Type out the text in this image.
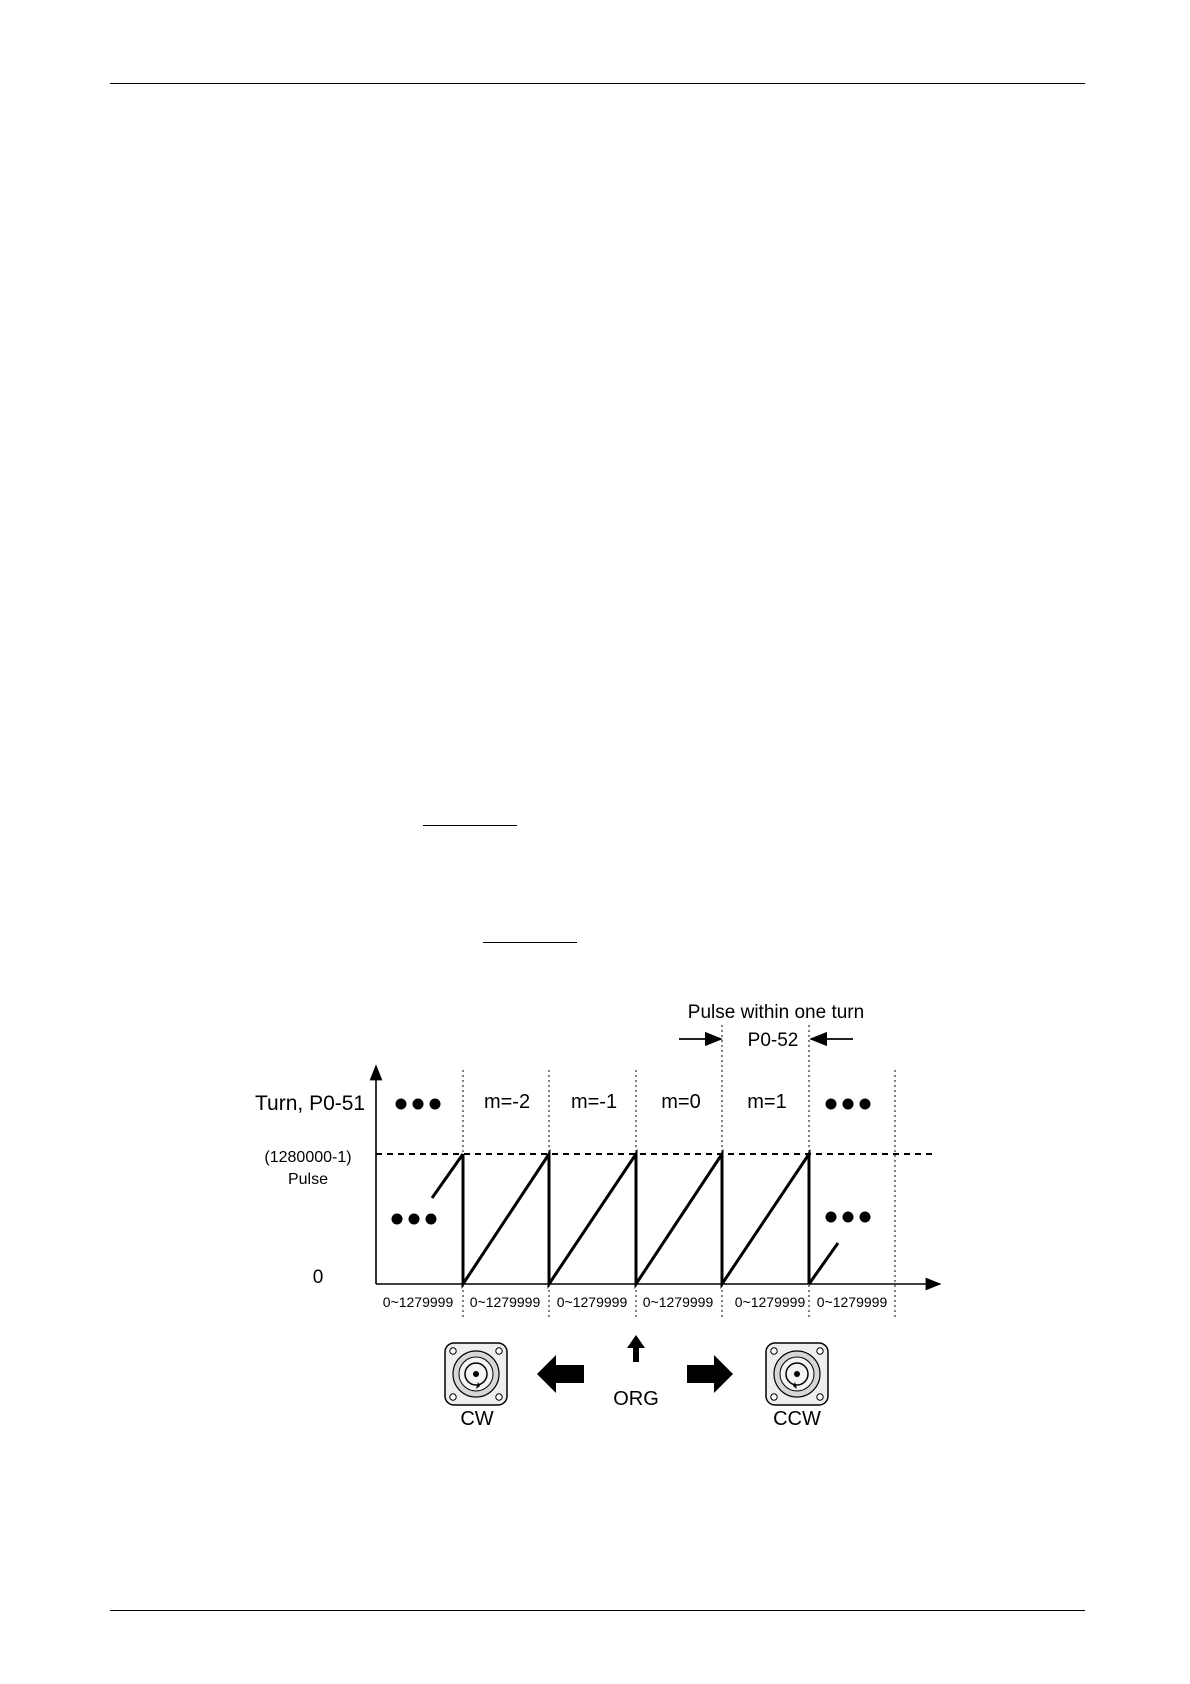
Pulse within one turn
P0-52
Turn, P0-51
(1280000-1)
Pulse
0
m=-2 m=-1 m=0 m=1
0~1279999 0~1279999 0~1279999 0~1279999 0~1279999 0~1279999
ORG
CW	CCW
